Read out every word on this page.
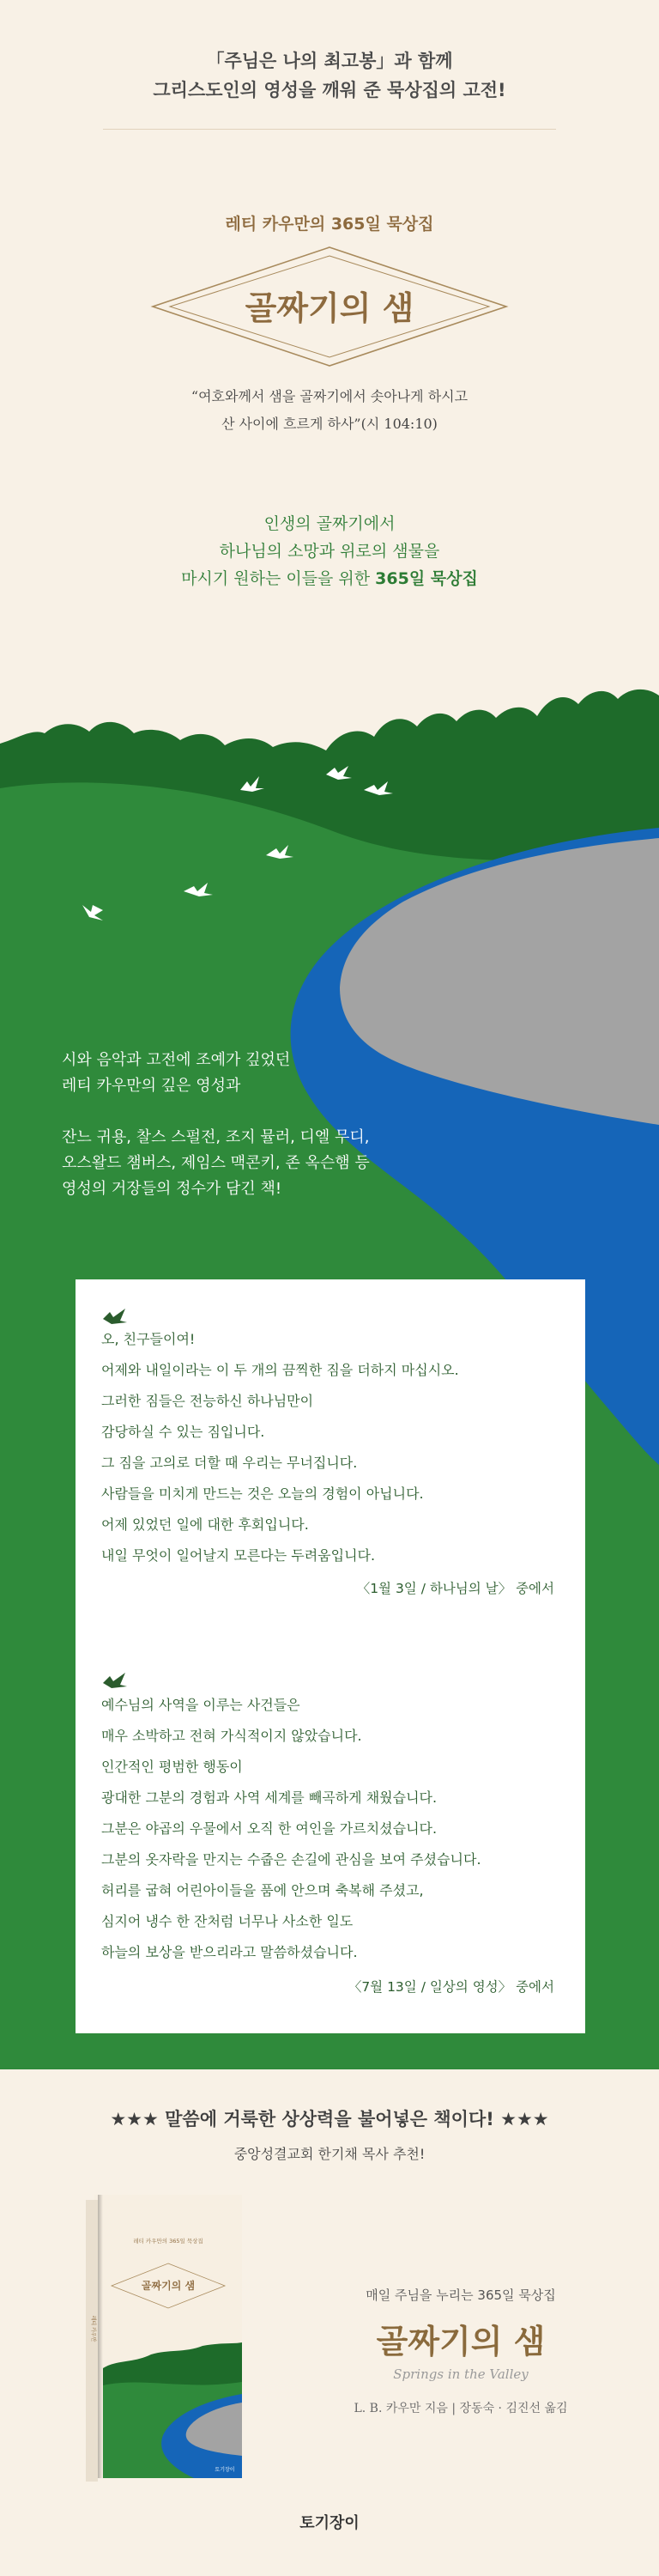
「주님은 나의 최고봉」과 함께
그리스도인의 영성을 깨워 준 묵상집의 고전!
레티 카우만의 365일 묵상집
골짜기의 샘
“여호와께서 샘을 골짜기에서 솟아나게 하시고
산 사이에 흐르게 하사”(시 104:10)
인생의 골짜기에서
하나님의 소망과 위로의 샘물을
마시기 원하는 이들을 위한 365일 묵상집

시와 음악과 고전에 조예가 깊었던

레티 카우만의 깊은 영성과

잔느 귀용, 찰스 스펄전, 조지 뮬러, 디엘 무디,

오스왈드 챔버스, 제임스 맥콘키, 존 옥슨햄 등

영성의 거장들의 정수가 담긴 책!

오, 친구들이여!
어제와 내일이라는 이 두 개의 끔찍한 짐을 더하지 마십시오.
그러한 짐들은 전능하신 하나님만이
감당하실 수 있는 짐입니다.
그 짐을 고의로 더할 때 우리는 무너집니다.
사람들을 미치게 만드는 것은 오늘의 경험이 아닙니다.
어제 있었던 일에 대한 후회입니다.
내일 무엇이 일어날지 모른다는 두려움입니다.
〈1월 3일 / 하나님의 날〉 중에서
예수님의 사역을 이루는 사건들은
매우 소박하고 전혀 가식적이지 않았습니다.
인간적인 평범한 행동이
광대한 그분의 경험과 사역 세계를 빼곡하게 채웠습니다.
그분은 야곱의 우물에서 오직 한 여인을 가르치셨습니다.
그분의 옷자락을 만지는 수줍은 손길에 관심을 보여 주셨습니다.
허리를 굽혀 어린아이들을 품에 안으며 축복해 주셨고,
심지어 냉수 한 잔처럼 너무나 사소한 일도
하늘의 보상을 받으리라고 말씀하셨습니다.
〈7월 13일 / 일상의 영성〉 중에서
★★★ 말씀에 거룩한 상상력을 불어넣은 책이다! ★★★
중앙성결교회 한기채 목사 추천!
골짜기의 샘
레티 카우만의 365일 묵상집
레티 카우만
토기장이
매일 주님을 누리는 365일 묵상집
골짜기의 샘
Springs in the Valley
L. B. 카우만 지음 | 장동숙 · 김진선 옮김
토기장이
